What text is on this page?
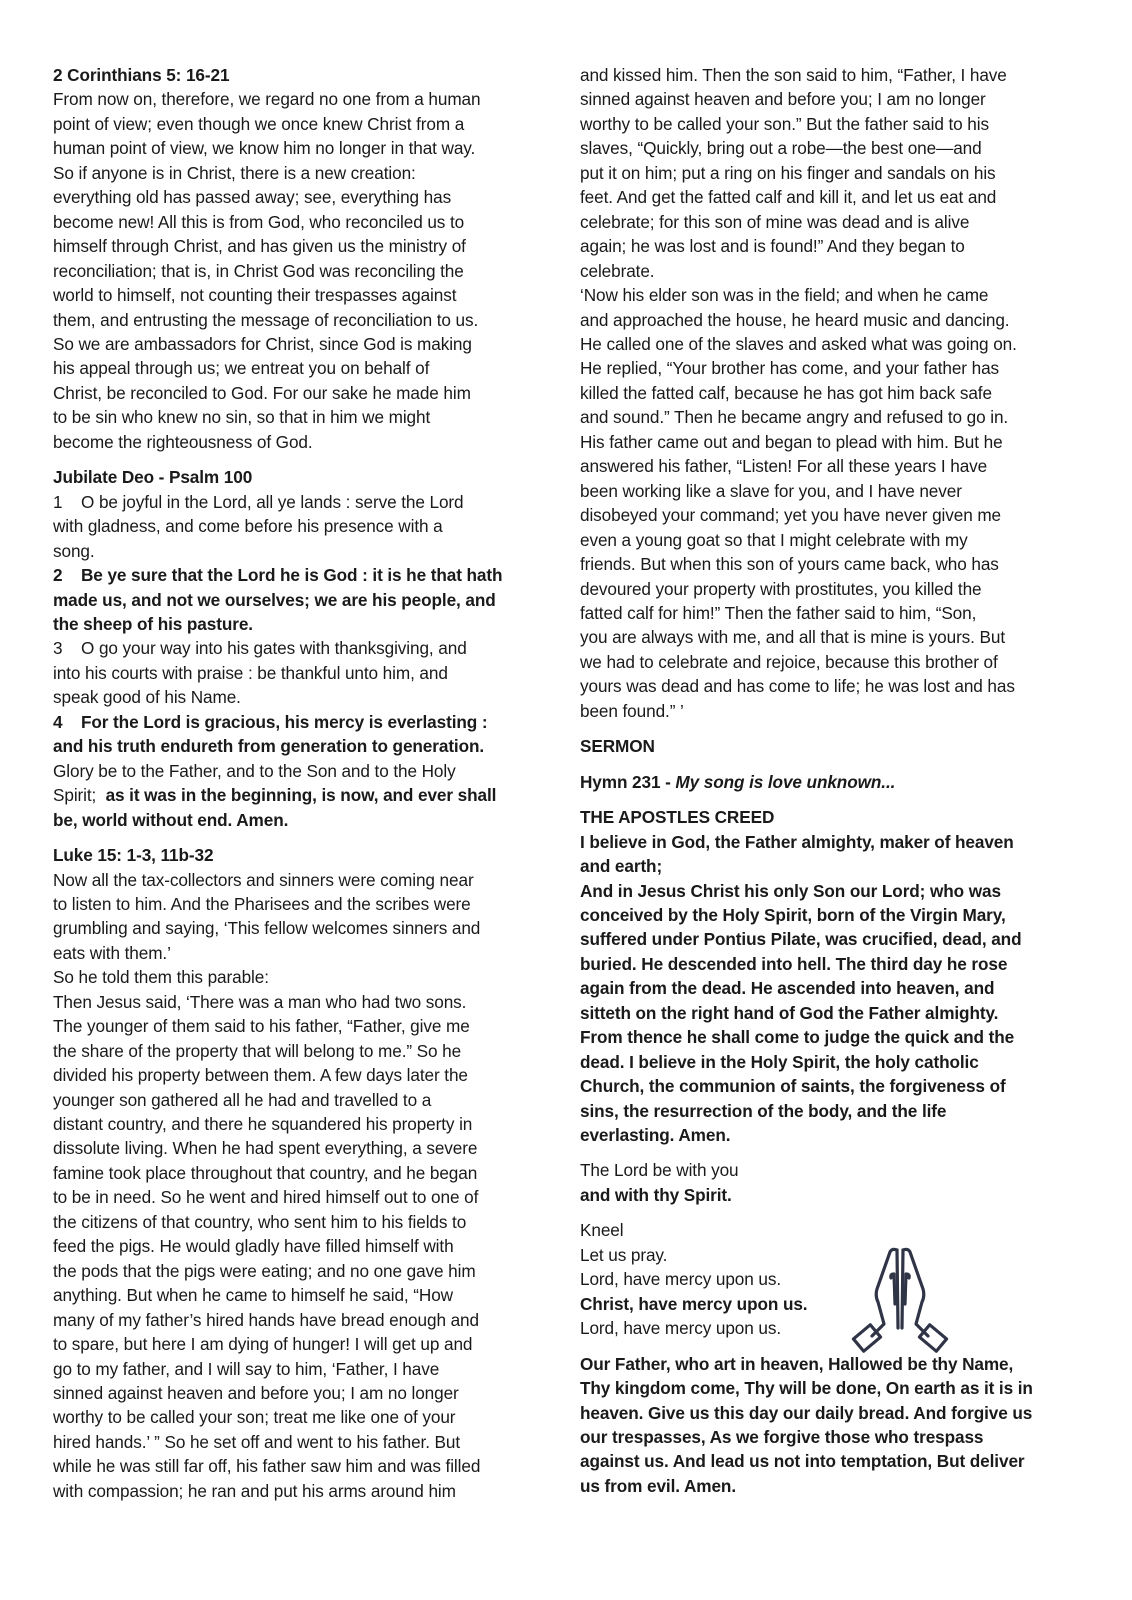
2 Corinthians 5: 16-21
From now on, therefore, we regard no one from a human
point of view; even though we once knew Christ from a
human point of view, we know him no longer in that way.
So if anyone is in Christ, there is a new creation:
everything old has passed away; see, everything has
become new! All this is from God, who reconciled us to
himself through Christ, and has given us the ministry of
reconciliation; that is, in Christ God was reconciling the
world to himself, not counting their trespasses against
them, and entrusting the message of reconciliation to us.
So we are ambassadors for Christ, since God is making
his appeal through us; we entreat you on behalf of
Christ, be reconciled to God. For our sake he made him
to be sin who knew no sin, so that in him we might
become the righteousness of God.
Jubilate Deo - Psalm 100
1 O be joyful in the Lord, all ye lands : serve the Lord
with gladness, and come before his presence with a
song.
2 Be ye sure that the Lord he is God : it is he that hath
made us, and not we ourselves; we are his people, and
the sheep of his pasture.
3 O go your way into his gates with thanksgiving, and
into his courts with praise : be thankful unto him, and
speak good of his Name.
4 For the Lord is gracious, his mercy is everlasting :
and his truth endureth from generation to generation.
Glory be to the Father, and to the Son and to the Holy
Spirit;  as it was in the beginning, is now, and ever shall
be, world without end. Amen.
Luke 15: 1-3, 11b-32
Now all the tax-collectors and sinners were coming near
to listen to him. And the Pharisees and the scribes were
grumbling and saying, ‘This fellow welcomes sinners and
eats with them.’
So he told them this parable:
Then Jesus said, ‘There was a man who had two sons.
The younger of them said to his father, “Father, give me
the share of the property that will belong to me.” So he
divided his property between them. A few days later the
younger son gathered all he had and travelled to a
distant country, and there he squandered his property in
dissolute living. When he had spent everything, a severe
famine took place throughout that country, and he began
to be in need. So he went and hired himself out to one of
the citizens of that country, who sent him to his fields to
feed the pigs. He would gladly have filled himself with
the pods that the pigs were eating; and no one gave him
anything. But when he came to himself he said, “How
many of my father’s hired hands have bread enough and
to spare, but here I am dying of hunger! I will get up and
go to my father, and I will say to him, ‘Father, I have
sinned against heaven and before you; I am no longer
worthy to be called your son; treat me like one of your
hired hands.’ ” So he set off and went to his father. But
while he was still far off, his father saw him and was filled
with compassion; he ran and put his arms around him
and kissed him. Then the son said to him, “Father, I have
sinned against heaven and before you; I am no longer
worthy to be called your son.” But the father said to his
slaves, “Quickly, bring out a robe—the best one—and
put it on him; put a ring on his finger and sandals on his
feet. And get the fatted calf and kill it, and let us eat and
celebrate; for this son of mine was dead and is alive
again; he was lost and is found!” And they began to
celebrate.
‘Now his elder son was in the field; and when he came
and approached the house, he heard music and dancing.
He called one of the slaves and asked what was going on.
He replied, “Your brother has come, and your father has
killed the fatted calf, because he has got him back safe
and sound.” Then he became angry and refused to go in.
His father came out and began to plead with him. But he
answered his father, “Listen! For all these years I have
been working like a slave for you, and I have never
disobeyed your command; yet you have never given me
even a young goat so that I might celebrate with my
friends. But when this son of yours came back, who has
devoured your property with prostitutes, you killed the
fatted calf for him!” Then the father said to him, “Son,
you are always with me, and all that is mine is yours. But
we had to celebrate and rejoice, because this brother of
yours was dead and has come to life; he was lost and has
been found.” ’
SERMON
Hymn 231 - My song is love unknown...
THE APOSTLES CREED
I believe in God, the Father almighty, maker of heaven
and earth;
And in Jesus Christ his only Son our Lord; who was
conceived by the Holy Spirit, born of the Virgin Mary,
suffered under Pontius Pilate, was crucified, dead, and
buried. He descended into hell. The third day he rose
again from the dead. He ascended into heaven, and
sitteth on the right hand of God the Father almighty.
From thence he shall come to judge the quick and the
dead. I believe in the Holy Spirit, the holy catholic
Church, the communion of saints, the forgiveness of
sins, the resurrection of the body, and the life
everlasting. Amen.
The Lord be with you
and with thy Spirit.
Kneel
Let us pray.
Lord, have mercy upon us.
Christ, have mercy upon us.
Lord, have mercy upon us.
Our Father, who art in heaven, Hallowed be thy Name,
Thy kingdom come, Thy will be done, On earth as it is in
heaven. Give us this day our daily bread. And forgive us
our trespasses, As we forgive those who trespass
against us. And lead us not into temptation, But deliver
us from evil. Amen.
